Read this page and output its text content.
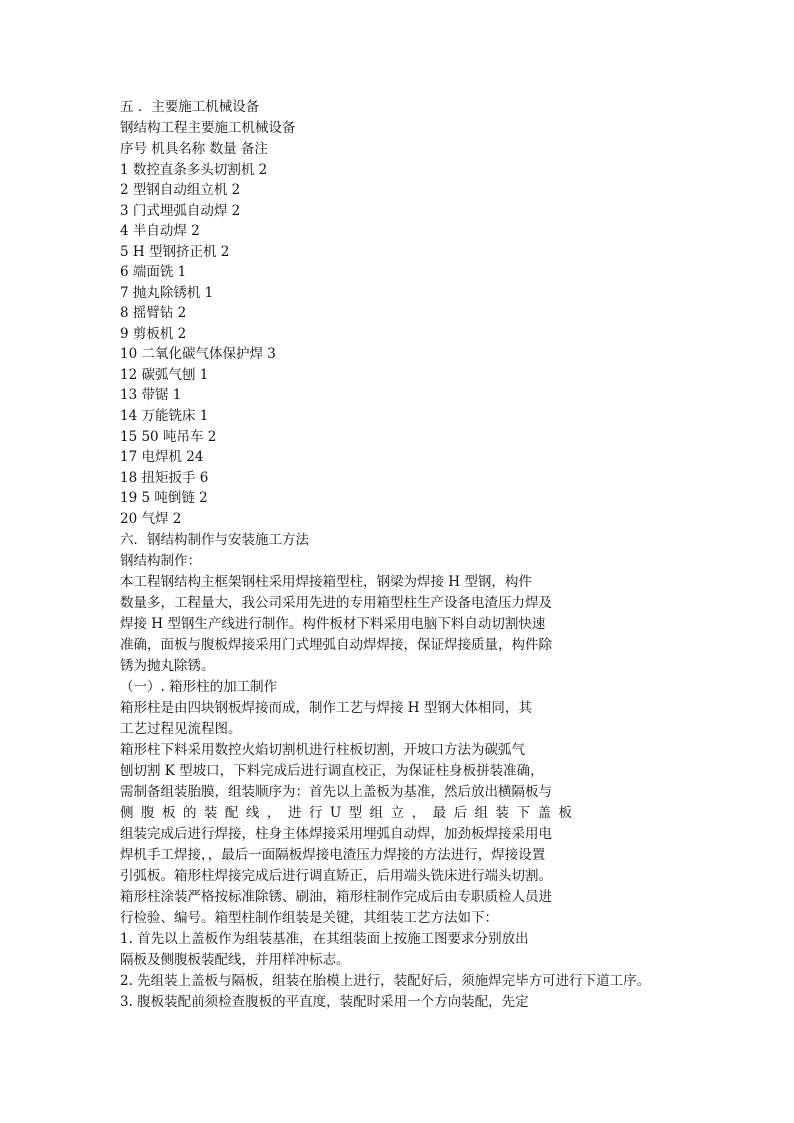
五 ．主要施工机械设备
钢结构工程主要施工机械设备
序号 机具名称 数量 备注
1 数控直条多头切割机 2
2 型钢自动组立机 2
3 门式埋弧自动焊 2
4 半自动焊 2
5 H 型钢挤正机 2
6 端面铣 1
7 抛丸除锈机 1
8 摇臂钻 2
9 剪板机 2
10 二氧化碳气体保护焊 3
12 碳弧气刨 1
13 带锯 1
14 万能铣床 1
15 50 吨吊车 2
17 电焊机 24
18 扭矩扳手 6
19 5 吨倒链 2
20 气焊 2
六．钢结构制作与安装施工方法
钢结构制作：
本工程钢结构主框架钢柱采用焊接箱型柱，钢梁为焊接 H 型钢，构件
数量多，工程量大，我公司采用先进的专用箱型柱生产设备电渣压力焊及
焊接 H 型钢生产线进行制作。构件板材下料采用电脑下料自动切割快速
准确，面板与腹板焊接采用门式埋弧自动焊焊接，保证焊接质量，构件除
锈为抛丸除锈。
（一）. 箱形柱的加工制作
箱形柱是由四块钢板焊接而成，制作工艺与焊接 H 型钢大体相同，其
工艺过程见流程图。
箱形柱下料采用数控火焰切割机进行柱板切割，开坡口方法为碳弧气
刨切割 K 型坡口，下料完成后进行调直校正，为保证柱身板拼装准确，
需制备组装胎膜，组装顺序为：首先以上盖板为基准，然后放出横隔板与
侧腹板的装配线，进行U型组立，最后组装下盖板
组装完成后进行焊接，柱身主体焊接采用埋弧自动焊，加劲板焊接采用电
焊机手工焊接，，最后一面隔板焊接电渣压力焊接的方法进行，焊接设置
引弧板。箱形柱焊接完成后进行调直矫正，后用端头铣床进行端头切割。
箱形柱涂装严格按标准除锈、刷油，箱形柱制作完成后由专职质检人员进
行检验、编号。箱型柱制作组装是关键，其组装工艺方法如下：
1. 首先以上盖板作为组装基准，在其组装面上按施工图要求分别放出
隔板及侧腹板装配线，并用样冲标志。
2. 先组装上盖板与隔板，组装在胎模上进行，装配好后，须施焊完毕方可进行下道工序。
3. 腹板装配前须检查腹板的平直度，装配时采用一个方向装配，先定
